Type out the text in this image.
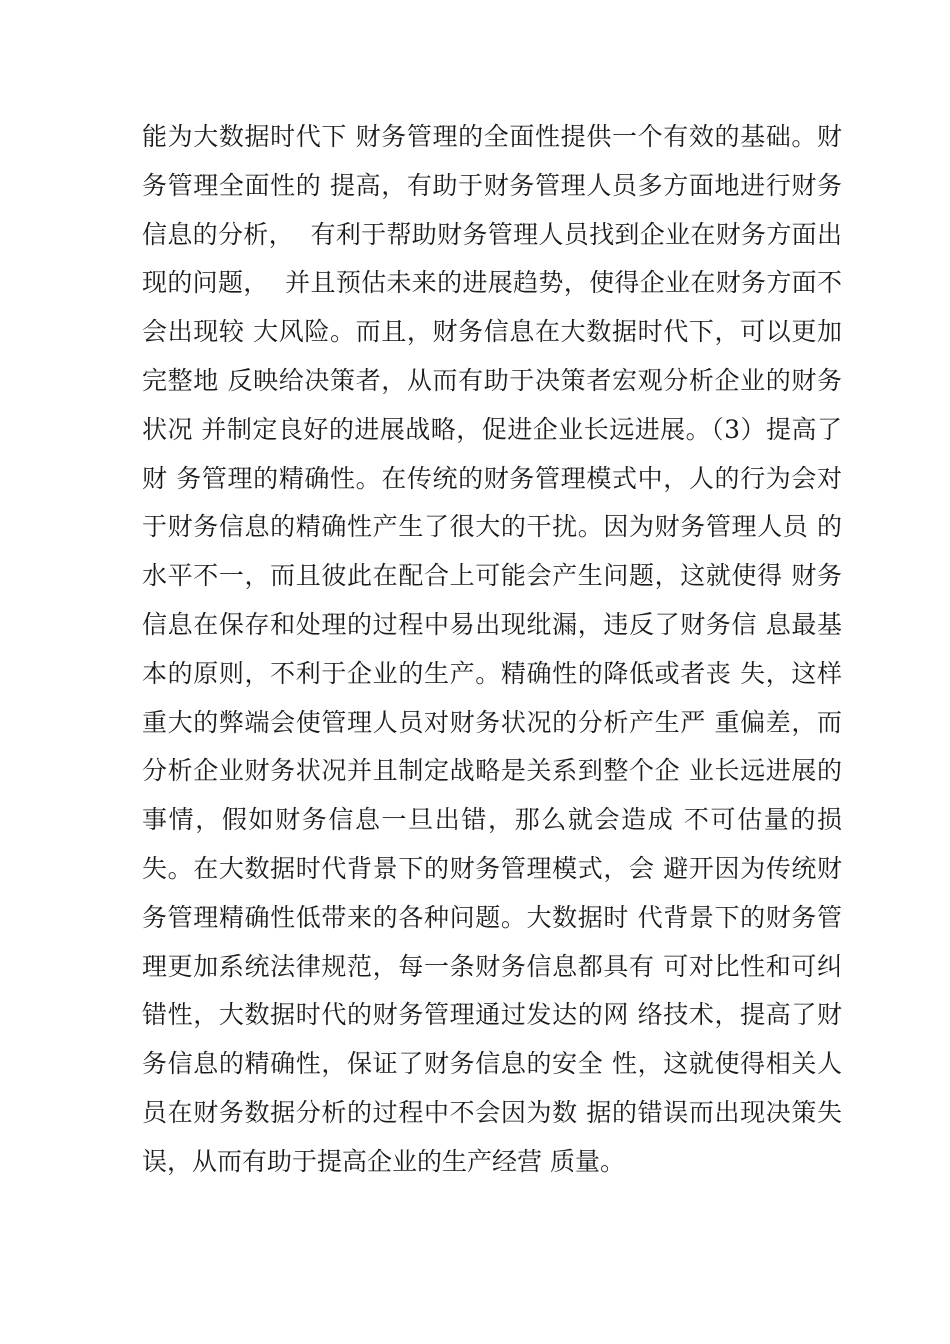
能为大数据时代下 财务管理的全面性提供一个有效的基础。财
务管理全面性的 提高，有助于财务管理人员多方面地进行财务
信息的分析，  有利于帮助财务管理人员找到企业在财务方面出
现的问题，  并且预估未来的进展趋势，使得企业在财务方面不
会出现较 大风险。而且，财务信息在大数据时代下，可以更加
完整地 反映给决策者，从而有助于决策者宏观分析企业的财务
状况 并制定良好的进展战略，促进企业长远进展。（3）提高了
财 务管理的精确性。在传统的财务管理模式中，人的行为会对
于财务信息的精确性产生了很大的干扰。因为财务管理人员 的
水平不一，而且彼此在配合上可能会产生问题，这就使得 财务
信息在保存和处理的过程中易出现纰漏，违反了财务信 息最基
本的原则，不利于企业的生产。精确性的降低或者丧 失，这样
重大的弊端会使管理人员对财务状况的分析产生严 重偏差，而
分析企业财务状况并且制定战略是关系到整个企 业长远进展的
事情，假如财务信息一旦出错，那么就会造成 不可估量的损
失。在大数据时代背景下的财务管理模式，会 避开因为传统财
务管理精确性低带来的各种问题。大数据时 代背景下的财务管
理更加系统法律规范，每一条财务信息都具有 可对比性和可纠
错性，大数据时代的财务管理通过发达的网 络技术，提高了财
务信息的精确性，保证了财务信息的安全 性，这就使得相关人
员在财务数据分析的过程中不会因为数 据的错误而出现决策失
误，从而有助于提高企业的生产经营 质量。
